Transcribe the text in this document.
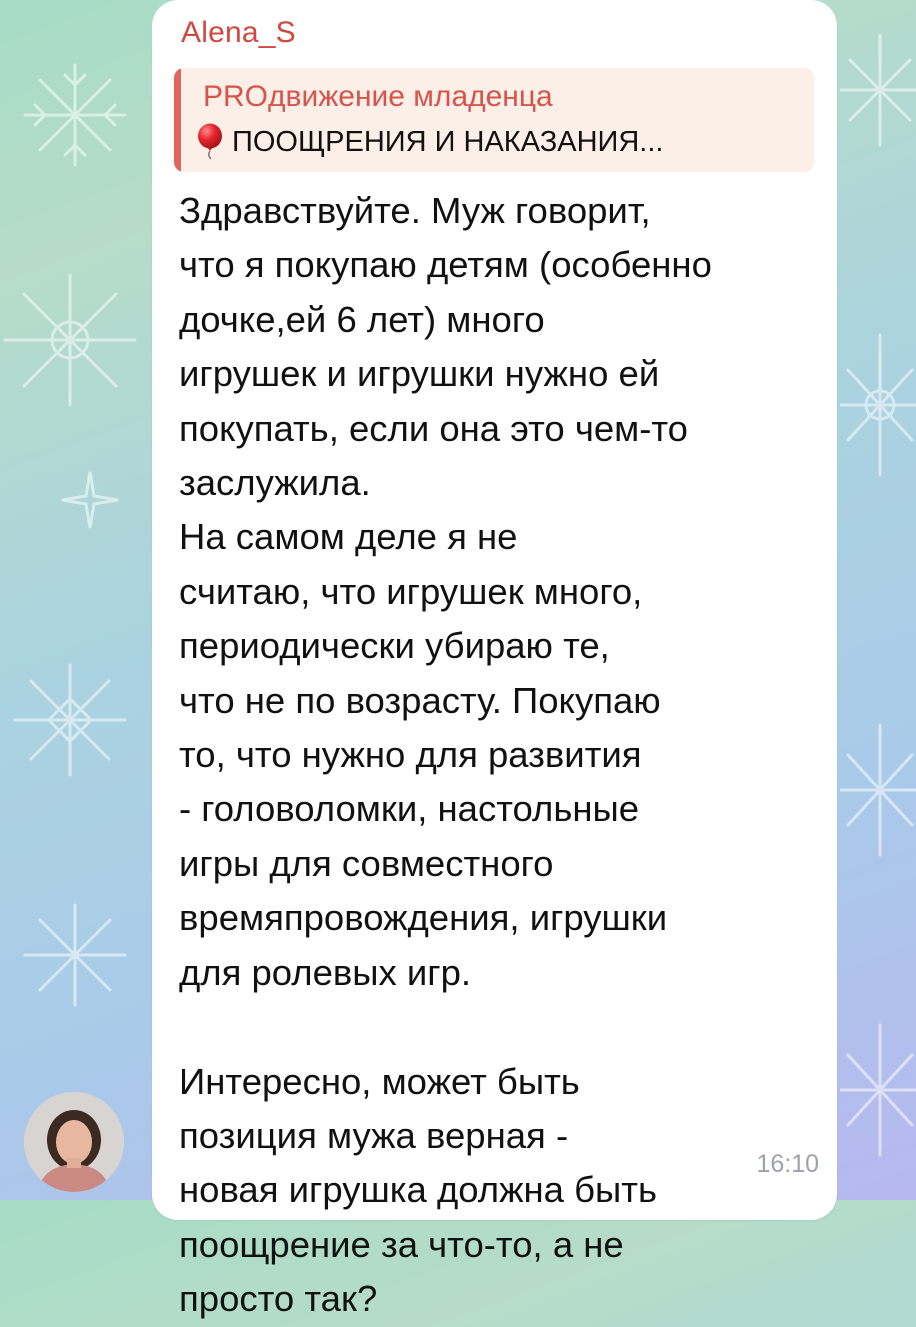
Alena_S
PROдвижение младенца
ПООЩРЕНИЯ И НАКАЗАНИЯ...
Здравствуйте. Муж говорит,
что я покупаю детям (особенно
дочке,ей 6 лет) много
игрушек и игрушки нужно ей
покупать, если она это чем-то
заслужила.
На самом деле я не
считаю, что игрушек много,
периодически убираю те,
что не по возрасту. Покупаю
то, что нужно для развития
- головоломки, настольные
игры для совместного
времяпровождения, игрушки
для ролевых игр.

Интересно, может быть
позиция мужа верная -
новая игрушка должна быть
поощрение за что-то, а не
просто так?
16:10
